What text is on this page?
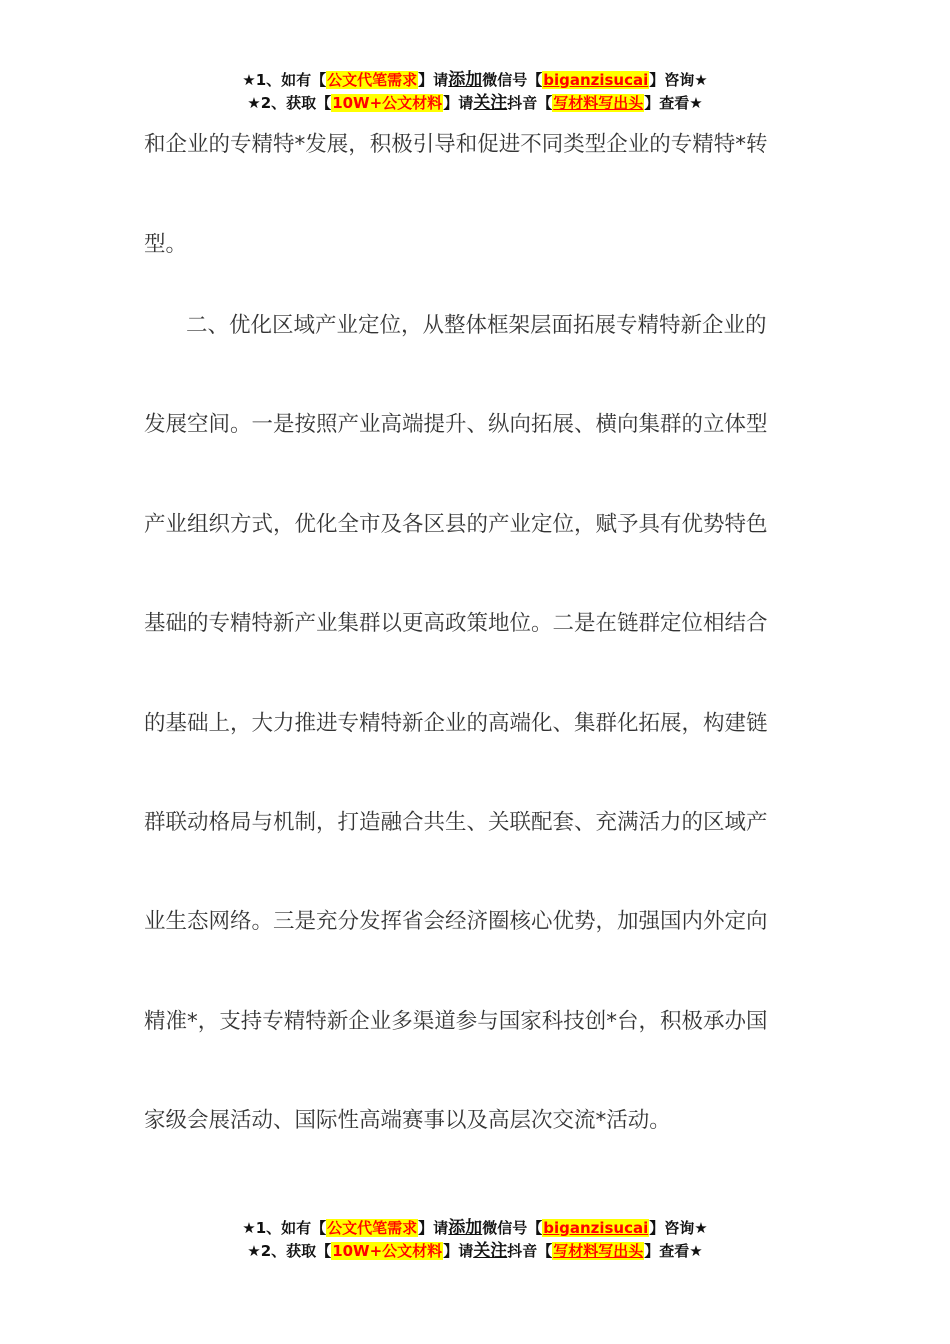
★1、如有【公文代笔需求】请添加微信号【biganzisucai】咨询★
★2、获取【10W+公文材料】请关注抖音【写材料写出头】查看★
和企业的专精特*发展，积极引导和促进不同类型企业的专精特*转
型。
二、优化区域产业定位，从整体框架层面拓展专精特新企业的
发展空间。一是按照产业高端提升、纵向拓展、横向集群的立体型
产业组织方式，优化全市及各区县的产业定位，赋予具有优势特色
基础的专精特新产业集群以更高政策地位。二是在链群定位相结合
的基础上，大力推进专精特新企业的高端化、集群化拓展，构建链
群联动格局与机制，打造融合共生、关联配套、充满活力的区域产
业生态网络。三是充分发挥省会经济圈核心优势，加强国内外定向
精准*，支持专精特新企业多渠道参与国家科技创*台，积极承办国
家级会展活动、国际性高端赛事以及高层次交流*活动。
★1、如有【公文代笔需求】请添加微信号【biganzisucai】咨询★
★2、获取【10W+公文材料】请关注抖音【写材料写出头】查看★
